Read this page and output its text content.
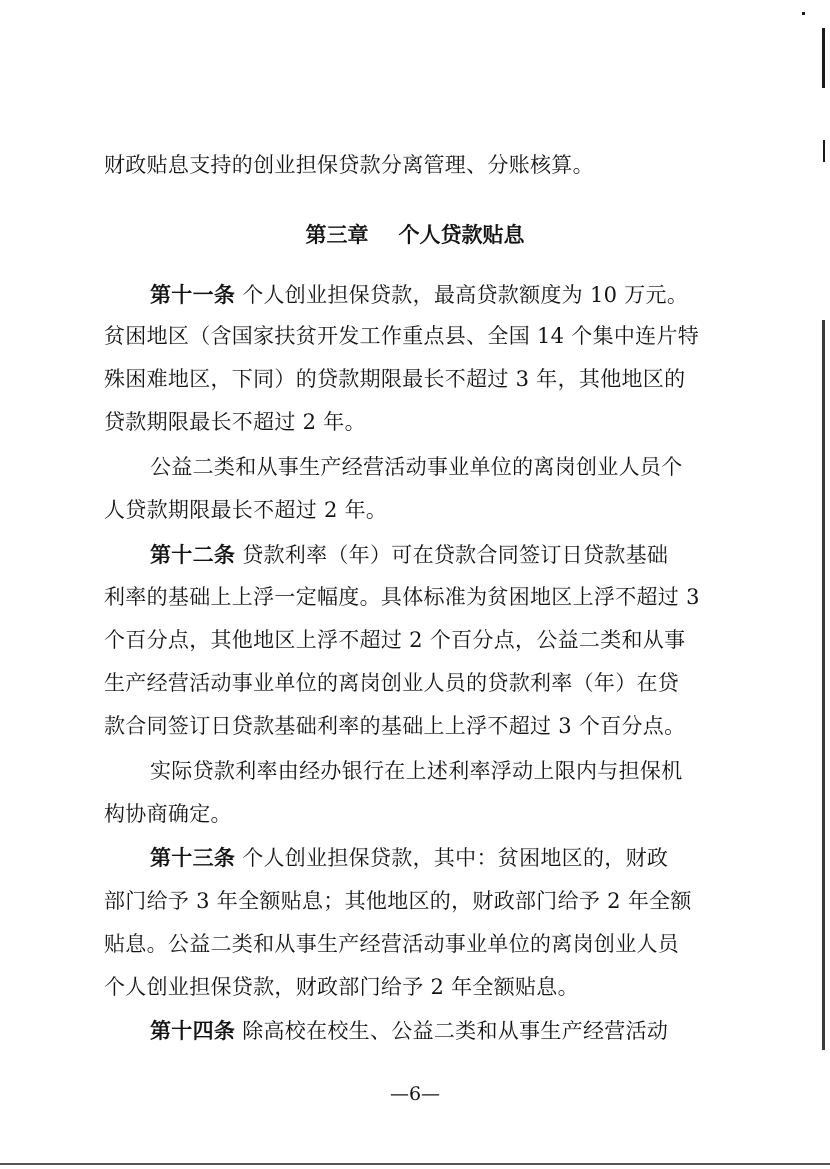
财政贴息支持的创业担保贷款分离管理、分账核算。
第三章 个人贷款贴息
第十一条 个人创业担保贷款，最高贷款额度为 10 万元。
贫困地区（含国家扶贫开发工作重点县、全国 14 个集中连片特
殊困难地区，下同）的贷款期限最长不超过 3 年，其他地区的
贷款期限最长不超过 2 年。
公益二类和从事生产经营活动事业单位的离岗创业人员个
人贷款期限最长不超过 2 年。
第十二条 贷款利率（年）可在贷款合同签订日贷款基础
利率的基础上上浮一定幅度。具体标准为贫困地区上浮不超过 3
个百分点，其他地区上浮不超过 2 个百分点，公益二类和从事
生产经营活动事业单位的离岗创业人员的贷款利率（年）在贷
款合同签订日贷款基础利率的基础上上浮不超过 3 个百分点。
实际贷款利率由经办银行在上述利率浮动上限内与担保机
构协商确定。
第十三条 个人创业担保贷款，其中：贫困地区的，财政
部门给予 3 年全额贴息；其他地区的，财政部门给予 2 年全额
贴息。公益二类和从事生产经营活动事业单位的离岗创业人员
个人创业担保贷款，财政部门给予 2 年全额贴息。
第十四条 除高校在校生、公益二类和从事生产经营活动
—6—
